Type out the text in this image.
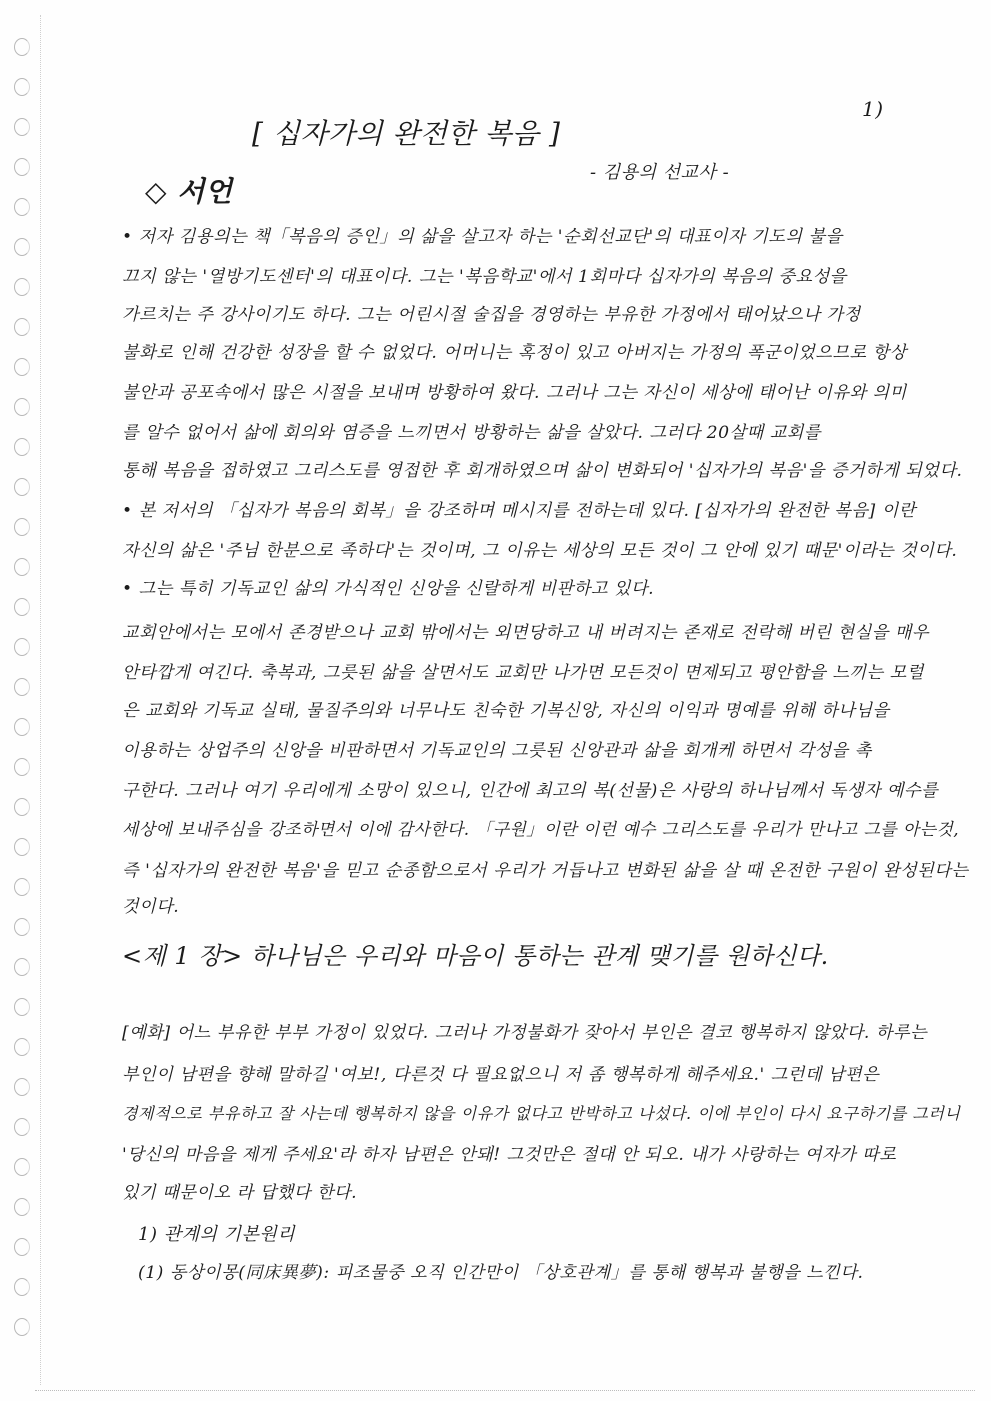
1)

[ 십자가의 완전한 복음 ]

- 김용의 선교사 -

◇ 서언

• 저자 김용의는 책「복음의 증인」의 삶을 살고자 하는 '순회선교단'의 대표이자 기도의 불을

끄지 않는 '열방기도센터'의 대표이다. 그는 '복음학교'에서 1회마다 십자가의 복음의 중요성을

가르치는 주 강사이기도 하다. 그는 어린시절 술집을 경영하는 부유한 가정에서 태어났으나 가정

불화로 인해 건강한 성장을 할 수 없었다. 어머니는 혹정이 있고 아버지는 가정의 폭군이었으므로 항상

불안과 공포속에서 많은 시절을 보내며 방황하여 왔다. 그러나 그는 자신이 세상에 태어난 이유와 의미

를 알수 없어서 삶에 회의와 염증을 느끼면서 방황하는 삶을 살았다. 그러다 20살때 교회를

통해 복음을 접하였고 그리스도를 영접한 후 회개하였으며 삶이 변화되어 '십자가의 복음'을 증거하게 되었다.

• 본 저서의 「십자가 복음의 회복」을 강조하며 메시지를 전하는데 있다. [십자가의 완전한 복음] 이란

자신의 삶은 '주님 한분으로 족하다'는 것이며, 그 이유는 세상의 모든 것이 그 안에 있기 때문'이라는 것이다.

• 그는 특히 기독교인 삶의 가식적인 신앙을 신랄하게 비판하고 있다.

교회안에서는 모에서 존경받으나 교회 밖에서는 외면당하고 내 버려지는 존재로 전락해 버린 현실을 매우

안타깝게 여긴다. 축복과, 그릇된 삶을 살면서도 교회만 나가면 모든것이 면제되고 평안함을 느끼는 모럴

은 교회와 기독교 실태, 물질주의와 너무나도 친숙한 기복신앙, 자신의 이익과 명예를 위해 하나님을

이용하는 상업주의 신앙을 비판하면서 기독교인의 그릇된 신앙관과 삶을 회개케 하면서 각성을 촉

구한다. 그러나 여기 우리에게 소망이 있으니, 인간에 최고의 복(선물)은 사랑의 하나님께서 독생자 예수를

세상에 보내주심을 강조하면서 이에 감사한다. 「구원」이란 이런 예수 그리스도를 우리가 만나고 그를 아는것,

즉 '십자가의 완전한 복음'을 믿고 순종함으로서 우리가 거듭나고 변화된 삶을 살 때 온전한 구원이 완성된다는

것이다.

<제 1 장> 하나님은 우리와 마음이 통하는 관계 맺기를 원하신다.

[예화] 어느 부유한 부부 가정이 있었다. 그러나 가정불화가 잦아서 부인은 결코 행복하지 않았다. 하루는

부인이 남편을 향해 말하길 '여보!, 다른것 다 필요없으니 저 좀 행복하게 해주세요.' 그런데 남편은

경제적으로 부유하고 잘 사는데 행복하지 않을 이유가 없다고 반박하고 나섰다. 이에 부인이 다시 요구하기를 그러니

'당신의 마음을 제게 주세요'라 하자 남편은 안돼! 그것만은 절대 안 되오. 내가 사랑하는 여자가 따로

있기 때문이오 라 답했다 한다.

1) 관계의 기본원리

(1) 동상이몽(同床異夢): 피조물중 오직 인간만이 「상호관계」를 통해 행복과 불행을 느낀다.
